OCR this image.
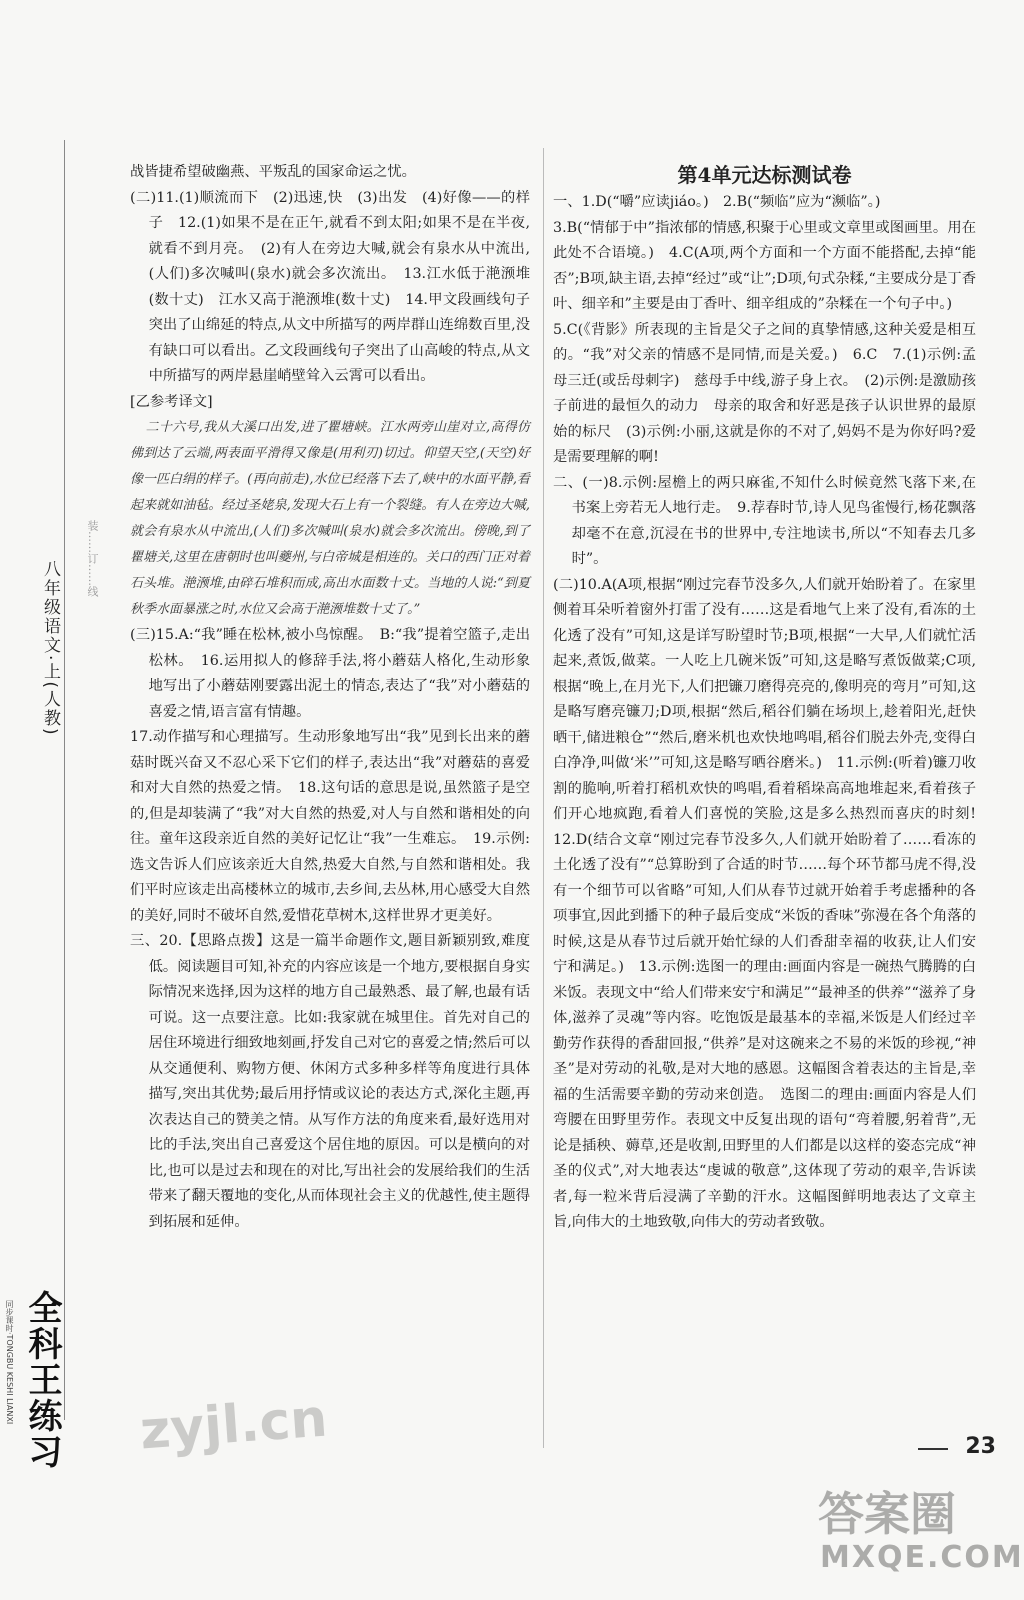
八年级语文·上(人教)
同步课时·TONGBU KESHI LIANXI 全科王练习
装……订……线

战皆捷希望破幽燕、平叛乱的国家命运之忧。

(二)11.(1)顺流而下　(2)迅速,快　(3)出发　(4)好像——的样子　12.(1)如果不是在正午,就看不到太阳;如果不是在半夜,就看不到月亮。　(2)有人在旁边大喊,就会有泉水从中流出,(人们)多次喊叫(泉水)就会多次流出。　13.江水低于滟滪堆(数十丈)　江水又高于滟滪堆(数十丈)　14.甲文段画线句子突出了山绵延的特点,从文中所描写的两岸群山连绵数百里,没有缺口可以看出。乙文段画线句子突出了山高峻的特点,从文中所描写的两岸悬崖峭壁耸入云霄可以看出。

[乙参考译文]

二十六号,我从大溪口出发,进了瞿塘峡。江水两旁山崖对立,高得仿佛到达了云端,两表面平滑得又像是(用利刃)切过。仰望天空,(天空)好像一匹白绢的样子。(再向前走),水位已经落下去了,峡中的水面平静,看起来就如油毡。经过圣姥泉,发现大石上有一个裂缝。有人在旁边大喊,就会有泉水从中流出,(人们)多次喊叫(泉水)就会多次流出。傍晚,到了瞿塘关,这里在唐朝时也叫夔州,与白帝城是相连的。关口的西门正对着石头堆。滟滪堆,由碎石堆积而成,高出水面数十丈。当地的人说:“到夏秋季水面暴涨之时,水位又会高于滟滪堆数十丈了。”

(三)15.A:“我”睡在松林,被小鸟惊醒。　B:“我”提着空篮子,走出松林。　16.运用拟人的修辞手法,将小蘑菇人格化,生动形象地写出了小蘑菇刚要露出泥土的情态,表达了“我”对小蘑菇的喜爱之情,语言富有情趣。

17.动作描写和心理描写。生动形象地写出“我”见到长出来的蘑菇时既兴奋又不忍心采下它们的样子,表达出“我”对蘑菇的喜爱和对大自然的热爱之情。　18.这句话的意思是说,虽然篮子是空的,但是却装满了“我”对大自然的热爱,对人与自然和谐相处的向往。童年这段亲近自然的美好记忆让“我”一生难忘。　19.示例:选文告诉人们应该亲近大自然,热爱大自然,与自然和谐相处。我们平时应该走出高楼林立的城市,去乡间,去丛林,用心感受大自然的美好,同时不破坏自然,爱惜花草树木,这样世界才更美好。

三、20.【思路点拨】这是一篇半命题作文,题目新颖别致,难度低。阅读题目可知,补充的内容应该是一个地方,要根据自身实际情况来选择,因为这样的地方自己最熟悉、最了解,也最有话可说。这一点要注意。比如:我家就在城里住。首先对自己的居住环境进行细致地刻画,抒发自己对它的喜爱之情;然后可以从交通便利、购物方便、休闲方式多种多样等角度进行具体描写,突出其优势;最后用抒情或议论的表达方式,深化主题,再次表达自己的赞美之情。从写作方法的角度来看,最好选用对比的手法,突出自己喜爱这个居住地的原因。可以是横向的对比,也可以是过去和现在的对比,写出社会的发展给我们的生活带来了翻天覆地的变化,从而体现社会主义的优越性,使主题得到拓展和延伸。

第4单元达标测试卷

一、1.D(“嚼”应读jiáo。)　2.B(“频临”应为“濒临”。)

3.B(“情郁于中”指浓郁的情感,积聚于心里或文章里或图画里。用在此处不合语境。)　4.C(A项,两个方面和一个方面不能搭配,去掉“能否”;B项,缺主语,去掉“经过”或“让”;D项,句式杂糅,“主要成分是丁香叶、细辛和”主要是由丁香叶、细辛组成的”杂糅在一个句子中。)

5.C(《背影》所表现的主旨是父子之间的真挚情感,这种关爱是相互的。“我”对父亲的情感不是同情,而是关爱。)　6.C　7.(1)示例:孟母三迁(或岳母刺字)　慈母手中线,游子身上衣。　(2)示例:是激励孩子前进的最恒久的动力　母亲的取舍和好恶是孩子认识世界的最原始的标尺　(3)示例:小丽,这就是你的不对了,妈妈不是为你好吗?爱是需要理解的啊!

二、(一)8.示例:屋檐上的两只麻雀,不知什么时候竟然飞落下来,在书案上旁若无人地行走。　9.荐春时节,诗人见鸟雀慢行,杨花飘落却毫不在意,沉浸在书的世界中,专注地读书,所以“不知春去几多时”。

(二)10.A(A项,根据“刚过完春节没多久,人们就开始盼着了。在家里侧着耳朵听着窗外打雷了没有……这是看地气上来了没有,看冻的土化透了没有”可知,这是详写盼望时节;B项,根据“一大早,人们就忙活起来,煮饭,做菜。一人吃上几碗米饭”可知,这是略写煮饭做菜;C项,根据“晚上,在月光下,人们把镰刀磨得亮亮的,像明亮的弯月”可知,这是略写磨亮镰刀;D项,根据“然后,稻谷们躺在场坝上,趁着阳光,赶快晒干,储进粮仓”“然后,磨米机也欢快地鸣唱,稻谷们脱去外壳,变得白白净净,叫做‘米’”可知,这是略写晒谷磨米。)　11.示例:(听着)镰刀收割的脆响,听着打稻机欢快的鸣唱,看着稻垛高高地堆起来,看着孩子们开心地疯跑,看着人们喜悦的笑脸,这是多么热烈而喜庆的时刻!　12.D(结合文章“刚过完春节没多久,人们就开始盼着了……看冻的土化透了没有”“总算盼到了合适的时节……每个环节都马虎不得,没有一个细节可以省略”可知,人们从春节过就开始着手考虑播种的各项事宜,因此到播下的种子最后变成“米饭的香味”弥漫在各个角落的时候,这是从春节过后就开始忙绿的人们香甜幸福的收获,让人们安宁和满足。)　13.示例:选图一的理由:画面内容是一碗热气腾腾的白米饭。表现文中“给人们带来安宁和满足”“最神圣的供养”“滋养了身体,滋养了灵魂”等内容。吃饱饭是最基本的幸福,米饭是人们经过辛勤劳作获得的香甜回报,“供养”是对这碗来之不易的米饭的珍视,“神圣”是对劳动的礼敬,是对大地的感恩。这幅图含着表达的主旨是,幸福的生活需要辛勤的劳动来创造。　选图二的理由:画面内容是人们弯腰在田野里劳作。表现文中反复出现的语句“弯着腰,躬着背”,无论是插秧、薅草,还是收割,田野里的人们都是以这样的姿态完成“神圣的仪式”,对大地表达“虔诚的敬意”,这体现了劳动的艰辛,告诉读者,每一粒米背后浸满了辛勤的汗水。这幅图鲜明地表达了文章主旨,向伟大的土地致敬,向伟大的劳动者致敬。

23
zyjl.cn
答案圈
MXQE.COM
